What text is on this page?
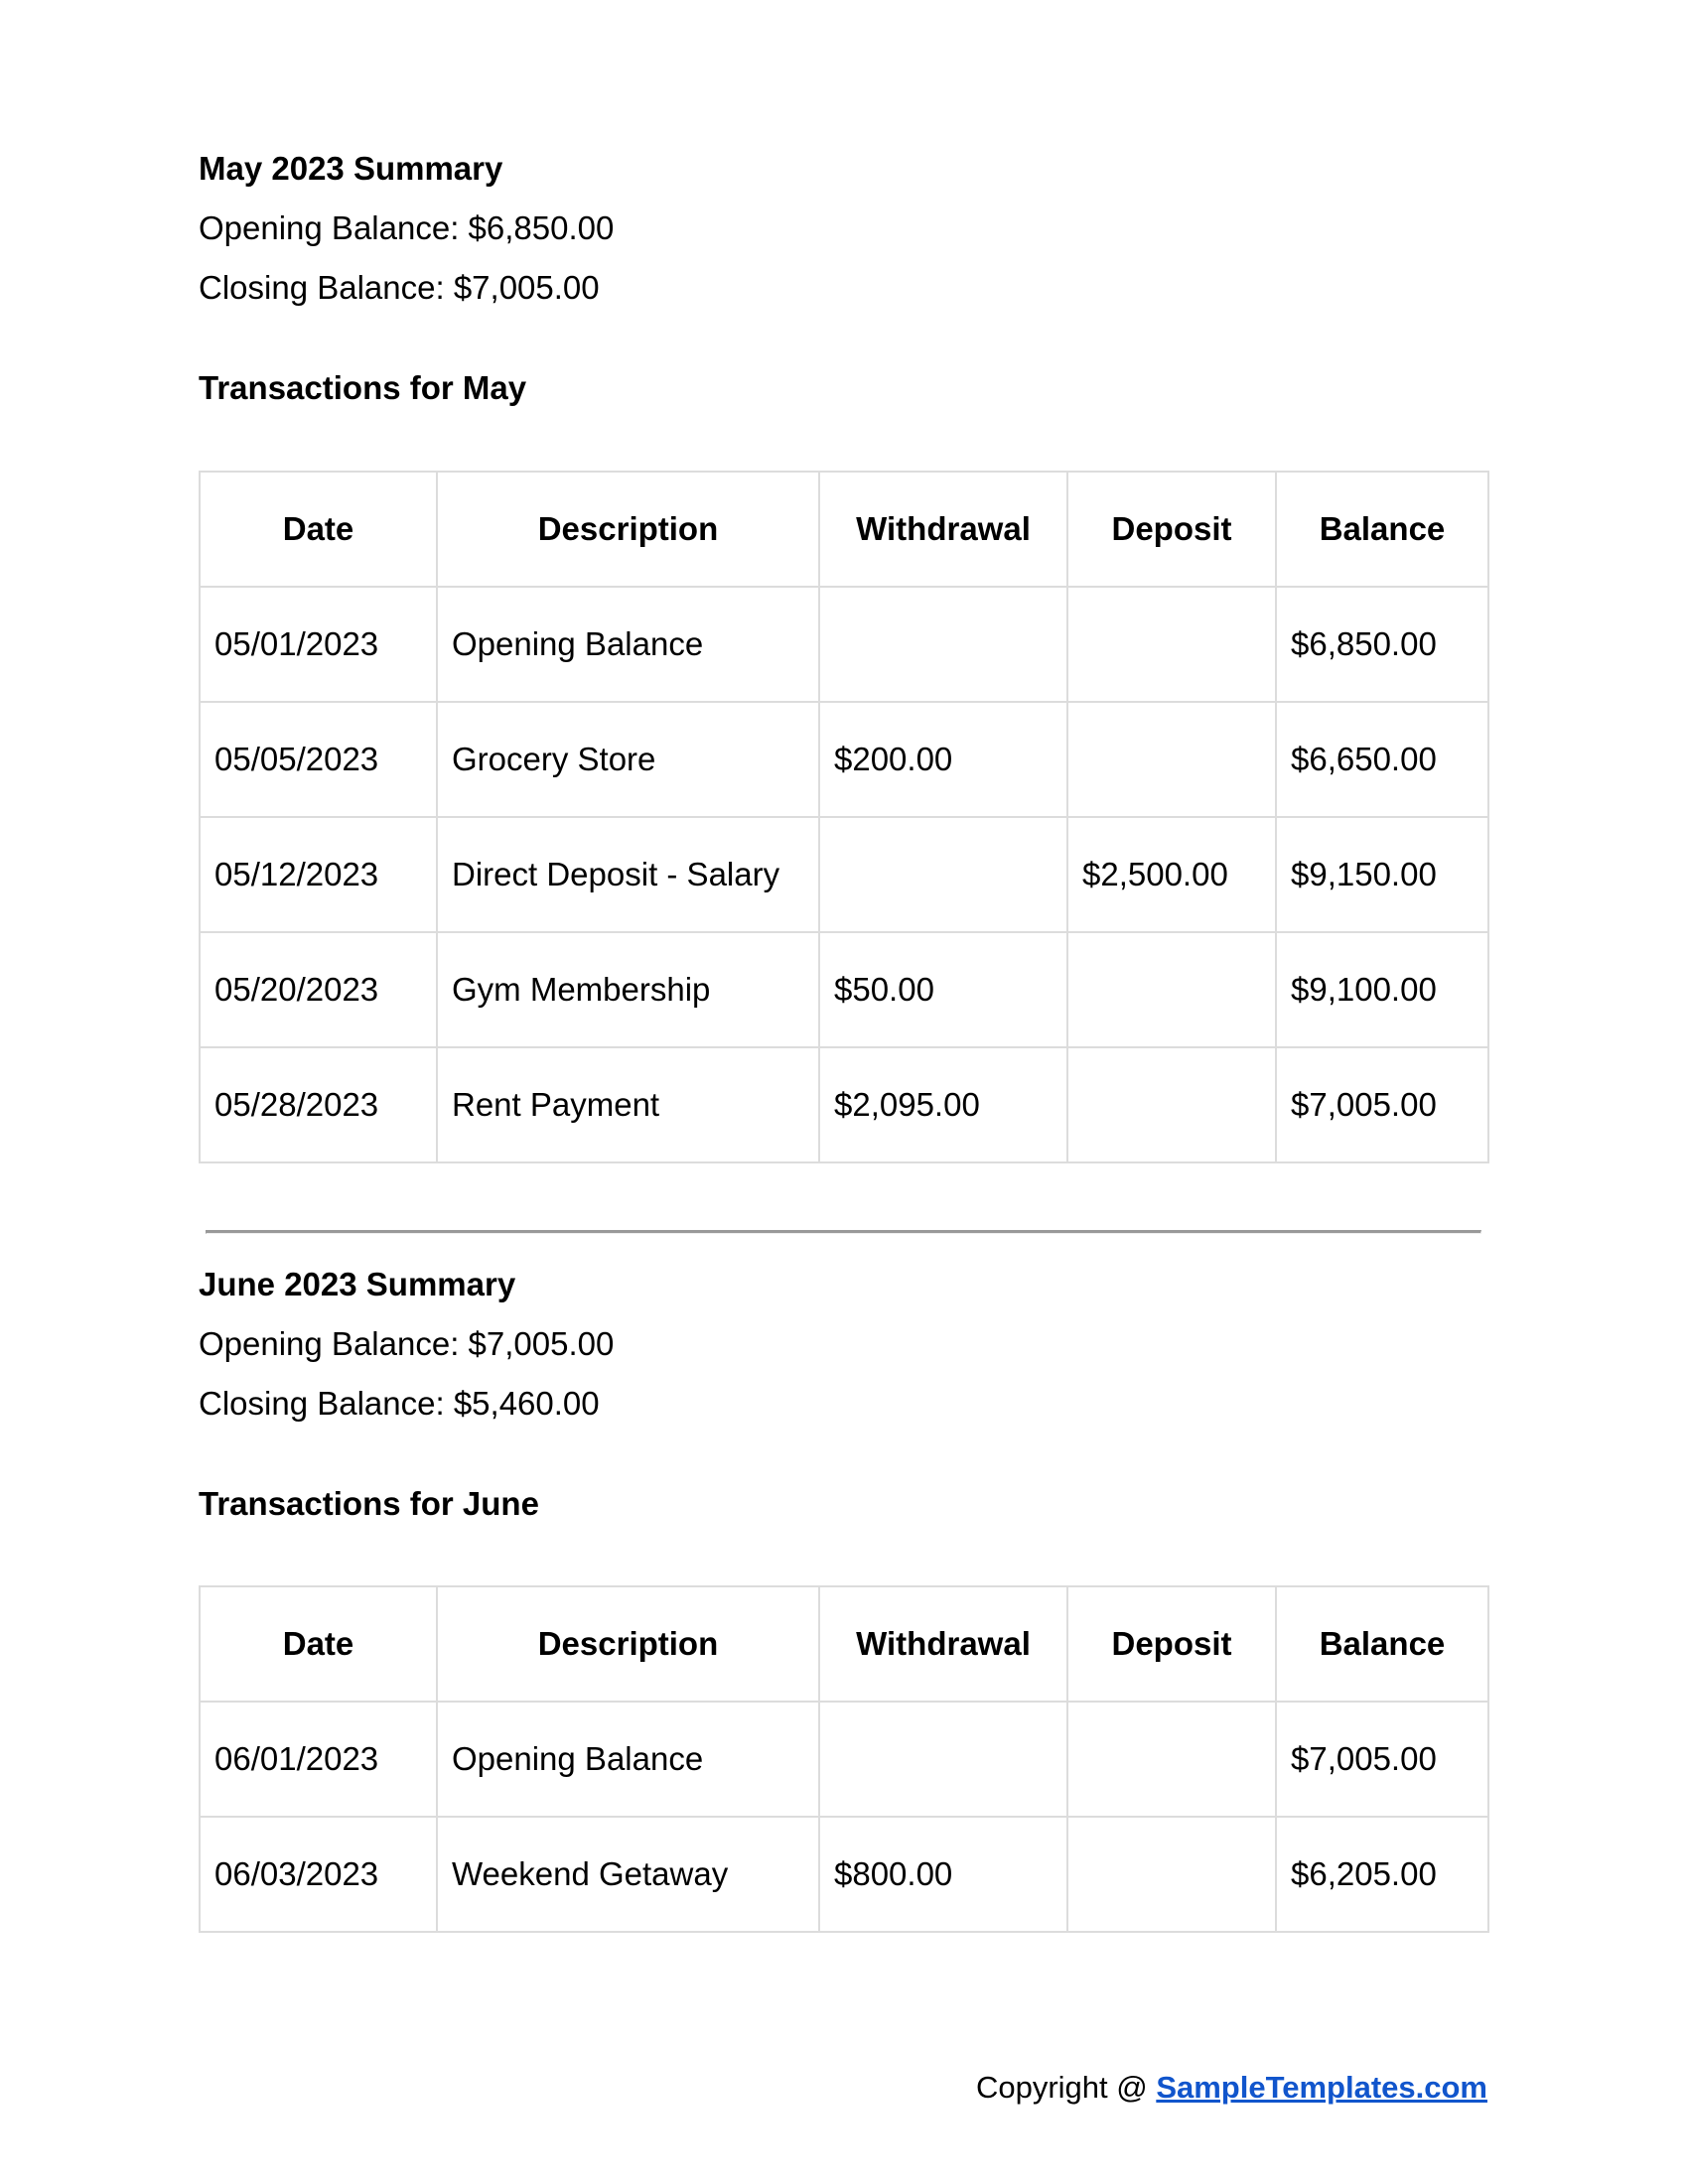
May 2023 Summary

Opening Balance: $6,850.00

Closing Balance: $7,005.00

Transactions for May
Date	Description	Withdrawal	Deposit	Balance
05/01/2023	Opening Balance			$6,850.00
05/05/2023	Grocery Store	$200.00		$6,650.00
05/12/2023	Direct Deposit - Salary		$2,500.00	$9,150.00
05/20/2023	Gym Membership	$50.00		$9,100.00
05/28/2023	Rent Payment	$2,095.00		$7,005.00
June 2023 Summary

Opening Balance: $7,005.00

Closing Balance: $5,460.00

Transactions for June
Date	Description	Withdrawal	Deposit	Balance
06/01/2023	Opening Balance			$7,005.00
06/03/2023	Weekend Getaway	$800.00		$6,205.00
Copyright @ SampleTemplates.com
